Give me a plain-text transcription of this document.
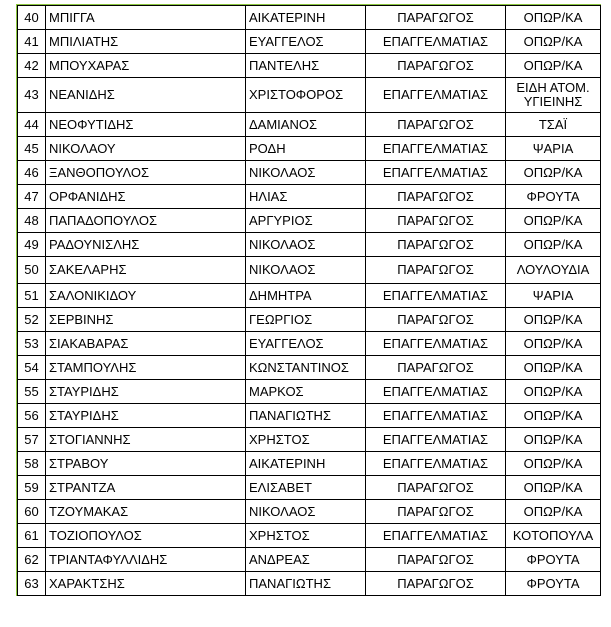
40	ΜΠΙΓΓΑ	ΑΙΚΑΤΕΡΙΝΗ	ΠΑΡΑΓΩΓΟΣ	ΟΠΩΡ/ΚΑ
41	ΜΠΙΛΙΑΤΗΣ	ΕΥΑΓΓΕΛΟΣ	ΕΠΑΓΓΕΛΜΑΤΙΑΣ	ΟΠΩΡ/ΚΑ
42	ΜΠΟΥΧΑΡΑΣ	ΠΑΝΤΕΛΗΣ	ΠΑΡΑΓΩΓΟΣ	ΟΠΩΡ/ΚΑ
43	ΝΕΑΝΙΔΗΣ	ΧΡΙΣΤΟΦΟΡΟΣ	ΕΠΑΓΓΕΛΜΑΤΙΑΣ	ΕΙΔΗ ΑΤΟΜ.
ΥΓΙΕΙΝΗΣ

44	ΝΕΟΦΥΤΙΔΗΣ	ΔΑΜΙΑΝΟΣ	ΠΑΡΑΓΩΓΟΣ	ΤΣΑΪ
45	ΝΙΚΟΛΑΟΥ	ΡΟΔΗ	ΕΠΑΓΓΕΛΜΑΤΙΑΣ	ΨΑΡΙΑ
46	ΞΑΝΘΟΠΟΥΛΟΣ	ΝΙΚΟΛΑΟΣ	ΕΠΑΓΓΕΛΜΑΤΙΑΣ	ΟΠΩΡ/ΚΑ
47	ΟΡΦΑΝΙΔΗΣ	ΗΛΙΑΣ	ΠΑΡΑΓΩΓΟΣ	ΦΡΟΥΤΑ
48	ΠΑΠΑΔΟΠΟΥΛΟΣ	ΑΡΓΥΡΙΟΣ	ΠΑΡΑΓΩΓΟΣ	ΟΠΩΡ/ΚΑ
49	ΡΑΔΟΥΝΙΣΛΗΣ	ΝΙΚΟΛΑΟΣ	ΠΑΡΑΓΩΓΟΣ	ΟΠΩΡ/ΚΑ
50	ΣΑΚΕΛΑΡΗΣ	ΝΙΚΟΛΑΟΣ	ΠΑΡΑΓΩΓΟΣ	ΛΟΥΛΟΥΔΙΑ
51	ΣΑΛΟΝΙΚΙΔΟΥ	ΔΗΜΗΤΡΑ	ΕΠΑΓΓΕΛΜΑΤΙΑΣ	ΨΑΡΙΑ
52	ΣΕΡΒΙΝΗΣ	ΓΕΩΡΓΙΟΣ	ΠΑΡΑΓΩΓΟΣ	ΟΠΩΡ/ΚΑ
53	ΣΙΑΚΑΒΑΡΑΣ	ΕΥΑΓΓΕΛΟΣ	ΕΠΑΓΓΕΛΜΑΤΙΑΣ	ΟΠΩΡ/ΚΑ
54	ΣΤΑΜΠΟΥΛΗΣ	ΚΩΝΣΤΑΝΤΙΝΟΣ	ΠΑΡΑΓΩΓΟΣ	ΟΠΩΡ/ΚΑ
55	ΣΤΑΥΡΙΔΗΣ	ΜΑΡΚΟΣ	ΕΠΑΓΓΕΛΜΑΤΙΑΣ	ΟΠΩΡ/ΚΑ
56	ΣΤΑΥΡΙΔΗΣ	ΠΑΝΑΓΙΩΤΗΣ	ΕΠΑΓΓΕΛΜΑΤΙΑΣ	ΟΠΩΡ/ΚΑ
57	ΣΤΟΓΙΑΝΝΗΣ	ΧΡΗΣΤΟΣ	ΕΠΑΓΓΕΛΜΑΤΙΑΣ	ΟΠΩΡ/ΚΑ
58	ΣΤΡΑΒΟΥ	ΑΙΚΑΤΕΡΙΝΗ	ΕΠΑΓΓΕΛΜΑΤΙΑΣ	ΟΠΩΡ/ΚΑ
59	ΣΤΡΑΝΤΖΑ	ΕΛΙΣΑΒΕΤ	ΠΑΡΑΓΩΓΟΣ	ΟΠΩΡ/ΚΑ
60	ΤΖΟΥΜΑΚΑΣ	ΝΙΚΟΛΑΟΣ	ΠΑΡΑΓΩΓΟΣ	ΟΠΩΡ/ΚΑ
61	ΤΟΖΙΟΠΟΥΛΟΣ	ΧΡΗΣΤΟΣ	ΕΠΑΓΓΕΛΜΑΤΙΑΣ	ΚΟΤΟΠΟΥΛΑ
62	ΤΡΙΑΝΤΑΦΥΛΛΙΔΗΣ	ΑΝΔΡΕΑΣ	ΠΑΡΑΓΩΓΟΣ	ΦΡΟΥΤΑ
63	ΧΑΡΑΚΤΣΗΣ	ΠΑΝΑΓΙΩΤΗΣ	ΠΑΡΑΓΩΓΟΣ	ΦΡΟΥΤΑ
